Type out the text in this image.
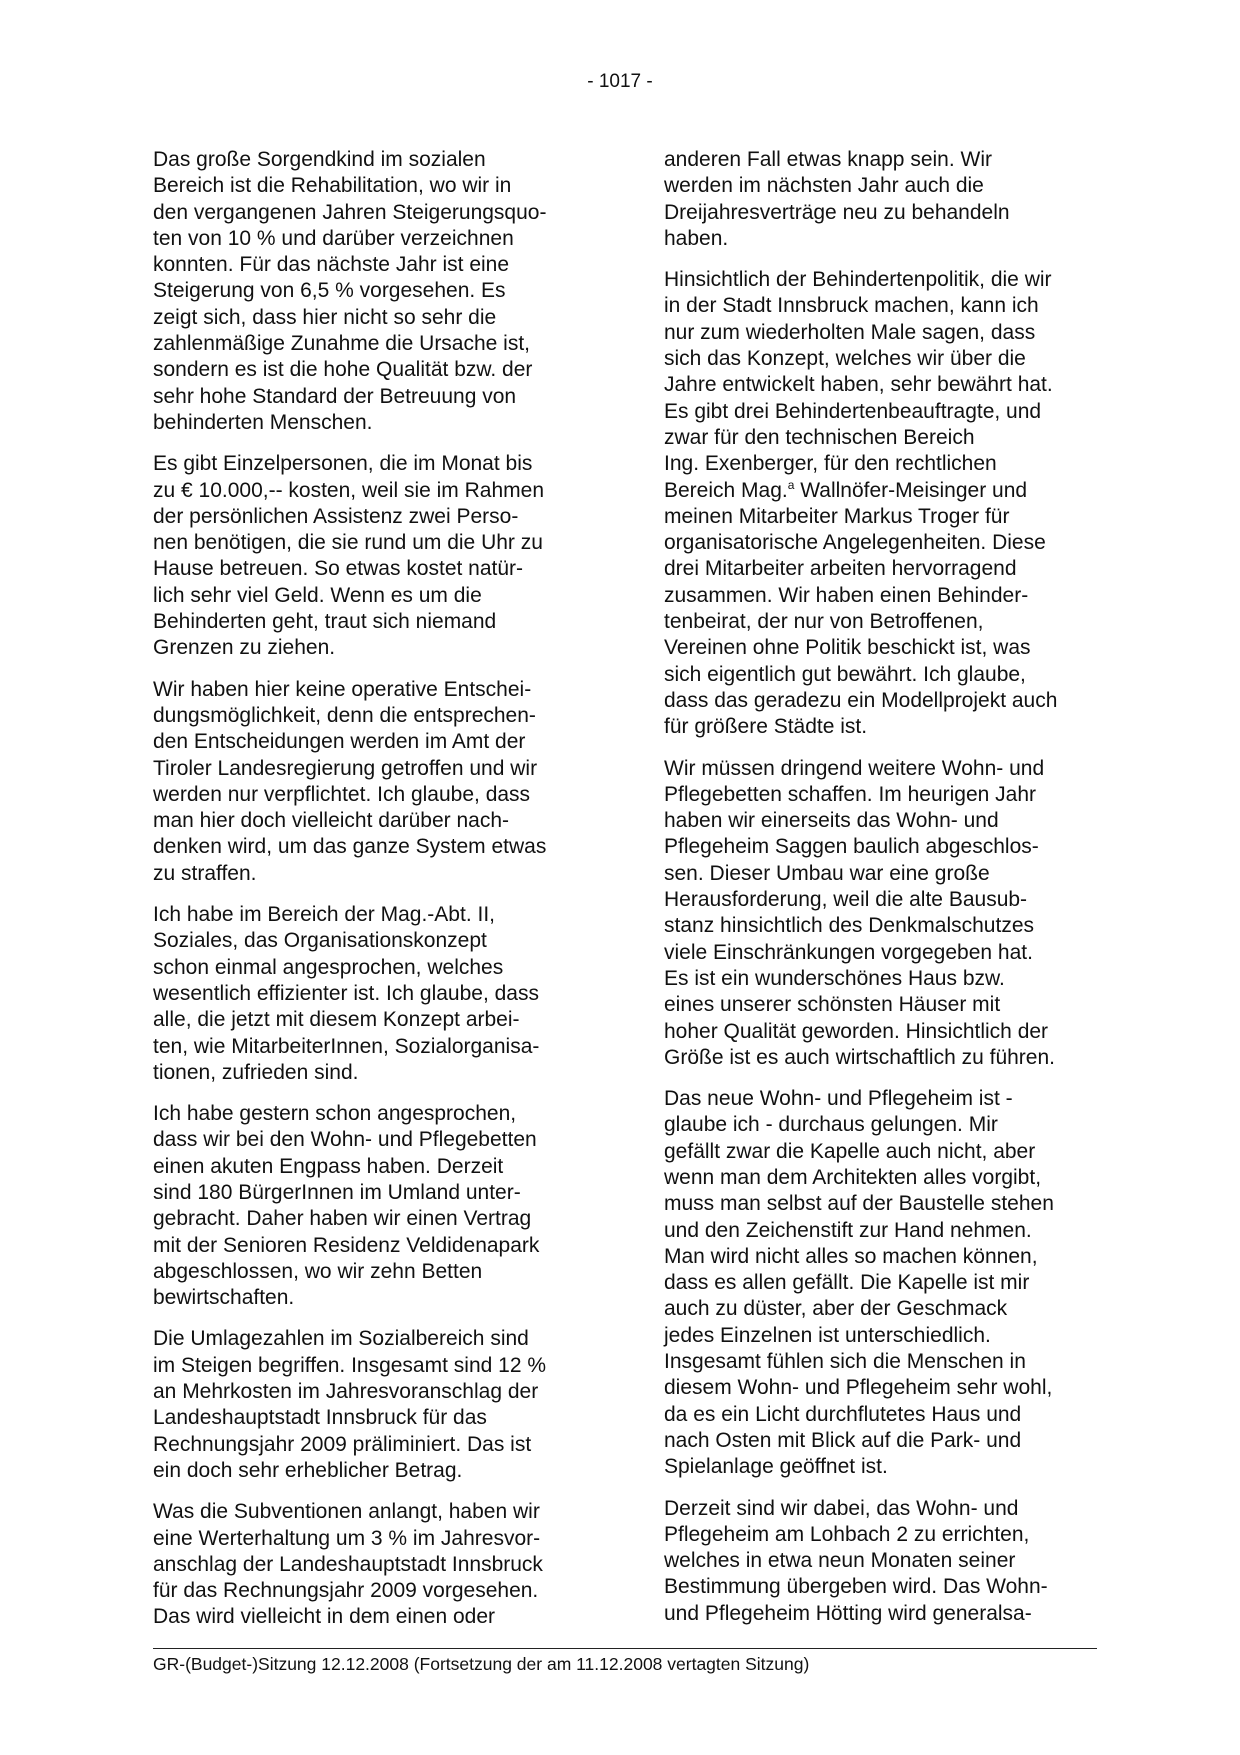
- 1017 -

Das große Sorgendkind im sozialen
Bereich ist die Rehabilitation, wo wir in
den vergangenen Jahren Steigerungsquo-
ten von 10 % und darüber verzeichnen
konnten. Für das nächste Jahr ist eine
Steigerung von 6,5 % vorgesehen. Es
zeigt sich, dass hier nicht so sehr die
zahlenmäßige Zunahme die Ursache ist,
sondern es ist die hohe Qualität bzw. der
sehr hohe Standard der Betreuung von
behinderten Menschen.

Es gibt Einzelpersonen, die im Monat bis
zu € 10.000,-- kosten, weil sie im Rahmen
der persönlichen Assistenz zwei Perso-
nen benötigen, die sie rund um die Uhr zu
Hause betreuen. So etwas kostet natür-
lich sehr viel Geld. Wenn es um die
Behinderten geht, traut sich niemand
Grenzen zu ziehen.

Wir haben hier keine operative Entschei-
dungsmöglichkeit, denn die entsprechen-
den Entscheidungen werden im Amt der
Tiroler Landesregierung getroffen und wir
werden nur verpflichtet. Ich glaube, dass
man hier doch vielleicht darüber nach-
denken wird, um das ganze System etwas
zu straffen.

Ich habe im Bereich der Mag.-Abt. II,
Soziales, das Organisationskonzept
schon einmal angesprochen, welches
wesentlich effizienter ist. Ich glaube, dass
alle, die jetzt mit diesem Konzept arbei-
ten, wie MitarbeiterInnen, Sozialorganisa-
tionen, zufrieden sind.

Ich habe gestern schon angesprochen,
dass wir bei den Wohn- und Pflegebetten
einen akuten Engpass haben. Derzeit
sind 180 BürgerInnen im Umland unter-
gebracht. Daher haben wir einen Vertrag
mit der Senioren Residenz Veldidenapark
abgeschlossen, wo wir zehn Betten
bewirtschaften.

Die Umlagezahlen im Sozialbereich sind
im Steigen begriffen. Insgesamt sind 12 %
an Mehrkosten im Jahresvoranschlag der
Landeshauptstadt Innsbruck für das
Rechnungsjahr 2009 präliminiert. Das ist
ein doch sehr erheblicher Betrag.

Was die Subventionen anlangt, haben wir
eine Werterhaltung um 3 % im Jahresvor-
anschlag der Landeshauptstadt Innsbruck
für das Rechnungsjahr 2009 vorgesehen.
Das wird vielleicht in dem einen oder

anderen Fall etwas knapp sein. Wir
werden im nächsten Jahr auch die
Dreijahresverträge neu zu behandeln
haben.

Hinsichtlich der Behindertenpolitik, die wir
in der Stadt Innsbruck machen, kann ich
nur zum wiederholten Male sagen, dass
sich das Konzept, welches wir über die
Jahre entwickelt haben, sehr bewährt hat.
Es gibt drei Behindertenbeauftragte, und
zwar für den technischen Bereich
Ing. Exenberger, für den rechtlichen
Bereich Mag.$^a$ Wallnöfer-Meisinger und
meinen Mitarbeiter Markus Troger für
organisatorische Angelegenheiten. Diese
drei Mitarbeiter arbeiten hervorragend
zusammen. Wir haben einen Behinder-
tenbeirat, der nur von Betroffenen,
Vereinen ohne Politik beschickt ist, was
sich eigentlich gut bewährt. Ich glaube,
dass das geradezu ein Modellprojekt auch
für größere Städte ist.

Wir müssen dringend weitere Wohn- und
Pflegebetten schaffen. Im heurigen Jahr
haben wir einerseits das Wohn- und
Pflegeheim Saggen baulich abgeschlos-
sen. Dieser Umbau war eine große
Herausforderung, weil die alte Bausub-
stanz hinsichtlich des Denkmalschutzes
viele Einschränkungen vorgegeben hat.
Es ist ein wunderschönes Haus bzw.
eines unserer schönsten Häuser mit
hoher Qualität geworden. Hinsichtlich der
Größe ist es auch wirtschaftlich zu führen.

Das neue Wohn- und Pflegeheim ist -
glaube ich - durchaus gelungen. Mir
gefällt zwar die Kapelle auch nicht, aber
wenn man dem Architekten alles vorgibt,
muss man selbst auf der Baustelle stehen
und den Zeichenstift zur Hand nehmen.
Man wird nicht alles so machen können,
dass es allen gefällt. Die Kapelle ist mir
auch zu düster, aber der Geschmack
jedes Einzelnen ist unterschiedlich.
Insgesamt fühlen sich die Menschen in
diesem Wohn- und Pflegeheim sehr wohl,
da es ein Licht durchflutetes Haus und
nach Osten mit Blick auf die Park- und
Spielanlage geöffnet ist.

Derzeit sind wir dabei, das Wohn- und
Pflegeheim am Lohbach 2 zu errichten,
welches in etwa neun Monaten seiner
Bestimmung übergeben wird. Das Wohn-
und Pflegeheim Hötting wird generalsa-

GR-(Budget-)Sitzung 12.12.2008 (Fortsetzung der am 11.12.2008 vertagten Sitzung)
